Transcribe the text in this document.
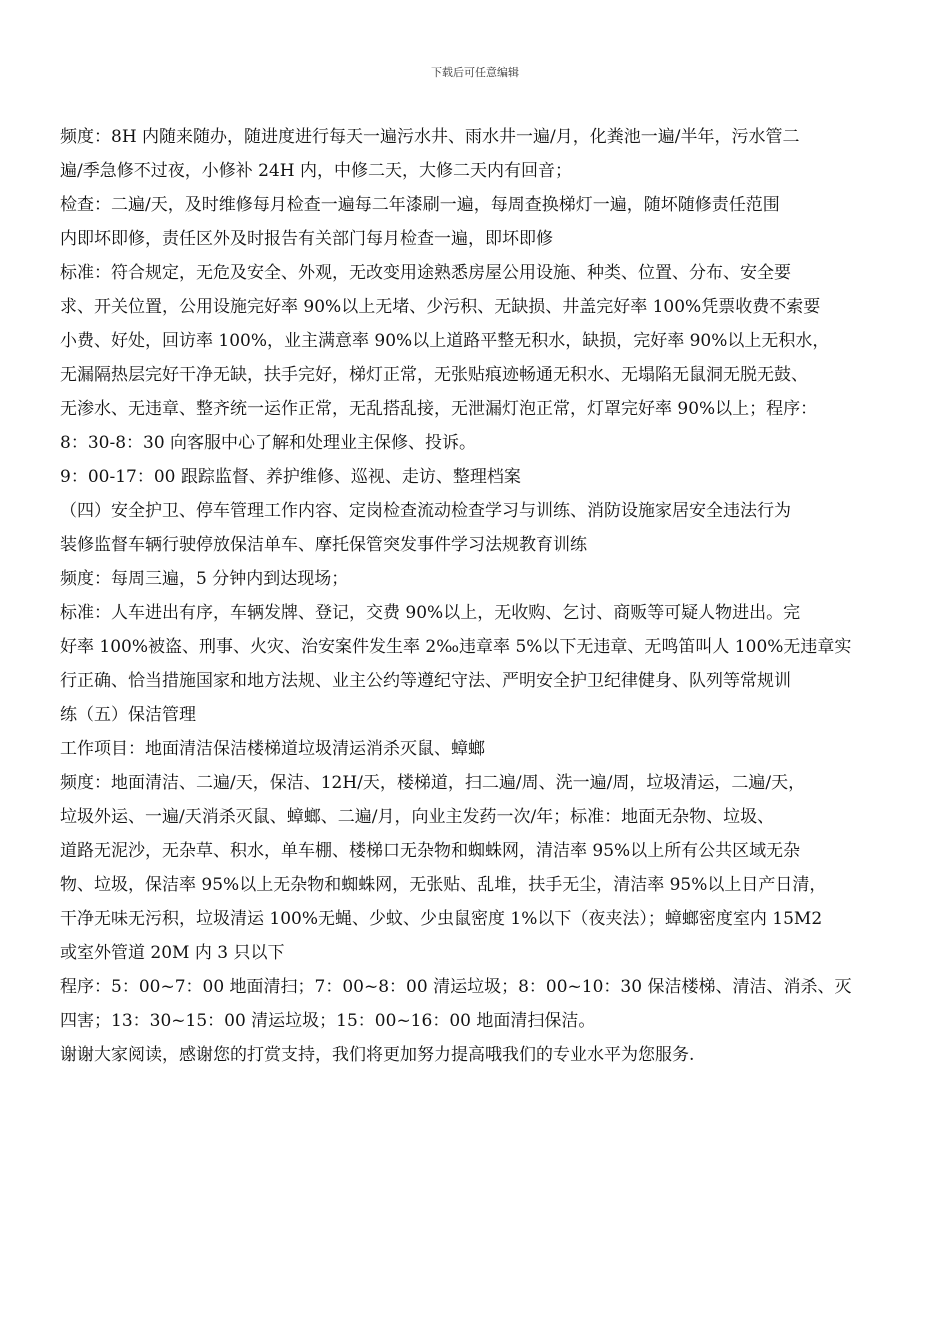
下载后可任意编辑
频度：8H 内随来随办，随进度进行每天一遍污水井、雨水井一遍/月，化粪池一遍/半年，污水管二
遍/季急修不过夜，小修补 24H 内，中修二天，大修二天内有回音；
检查：二遍/天，及时维修每月检查一遍每二年漆刷一遍，每周查换梯灯一遍，随坏随修责任范围
内即坏即修，责任区外及时报告有关部门每月检查一遍，即坏即修
标准：符合规定，无危及安全、外观，无改变用途熟悉房屋公用设施、种类、位置、分布、安全要
求、开关位置，公用设施完好率 90%以上无堵、少污积、无缺损、井盖完好率 100%凭票收费不索要
小费、好处，回访率 100%，业主满意率 90%以上道路平整无积水，缺损，完好率 90%以上无积水，
无漏隔热层完好干净无缺，扶手完好，梯灯正常，无张贴痕迹畅通无积水、无塌陷无鼠洞无脱无鼓、
无渗水、无违章、整齐统一运作正常，无乱搭乱接，无泄漏灯泡正常，灯罩完好率 90%以上；程序：
8：30-8：30 向客服中心了解和处理业主保修、投诉。
9：00-17：00 跟踪监督、养护维修、巡视、走访、整理档案
（四）安全护卫、停车管理工作内容、定岗检查流动检查学习与训练、消防设施家居安全违法行为
装修监督车辆行驶停放保洁单车、摩托保管突发事件学习法规教育训练
频度：每周三遍，5 分钟内到达现场；
标准：人车进出有序，车辆发牌、登记，交费 90%以上，无收购、乞讨、商贩等可疑人物进出。完
好率 100%被盗、刑事、火灾、治安案件发生率 2‰违章率 5%以下无违章、无鸣笛叫人 100%无违章实
行正确、恰当措施国家和地方法规、业主公约等遵纪守法、严明安全护卫纪律健身、队列等常规训
练（五）保洁管理
工作项目：地面清洁保洁楼梯道垃圾清运消杀灭鼠、蟑螂
频度：地面清洁、二遍/天，保洁、12H/天，楼梯道，扫二遍/周、洗一遍/周，垃圾清运，二遍/天，
垃圾外运、一遍/天消杀灭鼠、蟑螂、二遍/月，向业主发药一次/年；标准：地面无杂物、垃圾、
道路无泥沙，无杂草、积水，单车棚、楼梯口无杂物和蜘蛛网，清洁率 95%以上所有公共区域无杂
物、垃圾，保洁率 95%以上无杂物和蜘蛛网，无张贴、乱堆，扶手无尘，清洁率 95%以上日产日清，
干净无味无污积，垃圾清运 100%无蝇、少蚊、少虫鼠密度 1%以下（夜夹法）；蟑螂密度室内 15M2
或室外管道 20M 内 3 只以下
程序：5：00~7：00 地面清扫；7：00~8：00 清运垃圾；8：00~10：30 保洁楼梯、清洁、消杀、灭
四害；13：30~15：00 清运垃圾；15：00~16：00 地面清扫保洁。
谢谢大家阅读，感谢您的打赏支持，我们将更加努力提高哦我们的专业水平为您服务.
